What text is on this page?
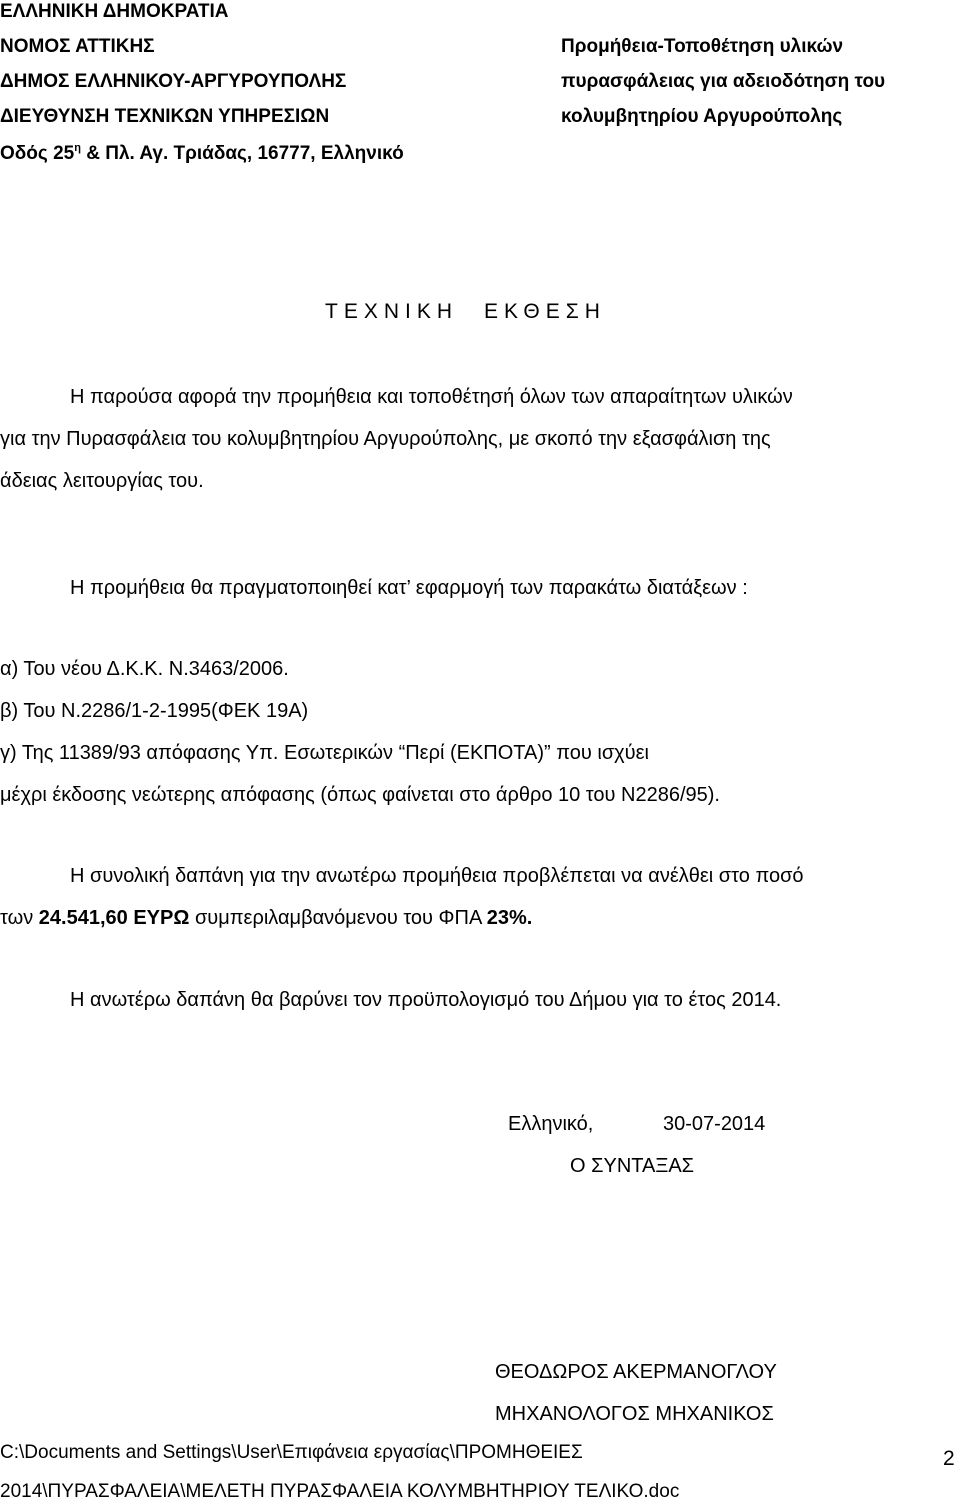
ΕΛΛΗΝΙΚΗ ΔΗΜΟΚΡΑΤΙΑ
ΝΟΜΟΣ ΑΤΤΙΚΗΣ
ΔΗΜΟΣ ΕΛΛΗΝΙΚΟΥ-ΑΡΓΥΡΟΥΠΟΛΗΣ
ΔΙΕΥΘΥΝΣΗ ΤΕΧΝΙΚΩΝ ΥΠΗΡΕΣΙΩΝ
Οδός $25^\eta$ & Πλ. Αγ. Τριάδας, 16777, Ελληνικό
Προμήθεια-Τοποθέτηση υλικών
πυρασφάλειας για αδειοδότηση του
κολυμβητηρίου Αργυρούπολης
ΤΕΧΝΙΚΗ ΕΚΘΕΣΗ
Η παρούσα αφορά την προμήθεια και τοποθέτησή όλων των απαραίτητων υλικών
για την Πυρασφάλεια του κολυμβητηρίου Αργυρούπολης, με σκοπό την εξασφάλιση της
άδειας λειτουργίας του.
Η προμήθεια θα πραγματοποιηθεί κατ’ εφαρμογή των παρακάτω διατάξεων :
α) Του νέου Δ.Κ.Κ. Ν.3463/2006.
β) Του Ν.2286/1-2-1995(ΦΕΚ 19Α)
γ) Της 11389/93 απόφασης Υπ. Εσωτερικών “Περί (ΕΚΠΟΤΑ)” που ισχύει
μέχρι έκδοσης νεώτερης απόφασης (όπως φαίνεται στο άρθρο 10 του Ν2286/95).
Η συνολική δαπάνη για την ανωτέρω προμήθεια προβλέπεται να ανέλθει στο ποσό
των 24.541,60 ΕΥΡΩ συμπεριλαμβανόμενου του ΦΠΑ 23%.
Η ανωτέρω δαπάνη θα βαρύνει τον προϋπολογισμό του Δήμου για το έτος 2014.
Ελληνικό,	30-07-2014
Ο ΣΥΝΤΑΞΑΣ
ΘΕΟΔΩΡΟΣ ΑΚΕΡΜΑΝΟΓΛΟΥ
ΜΗΧΑΝΟΛΟΓΟΣ ΜΗΧΑΝΙΚΟΣ
C:\Documents and Settings\User\Επιφάνεια εργασίας\ΠΡΟΜΗΘΕΙΕΣ
2014\ΠΥΡΑΣΦΑΛΕΙΑ\ΜΕΛΕΤΗ ΠΥΡΑΣΦΑΛΕΙΑ ΚΟΛΥΜΒΗΤΗΡΙΟΥ ΤΕΛΙΚΟ.doc
2
